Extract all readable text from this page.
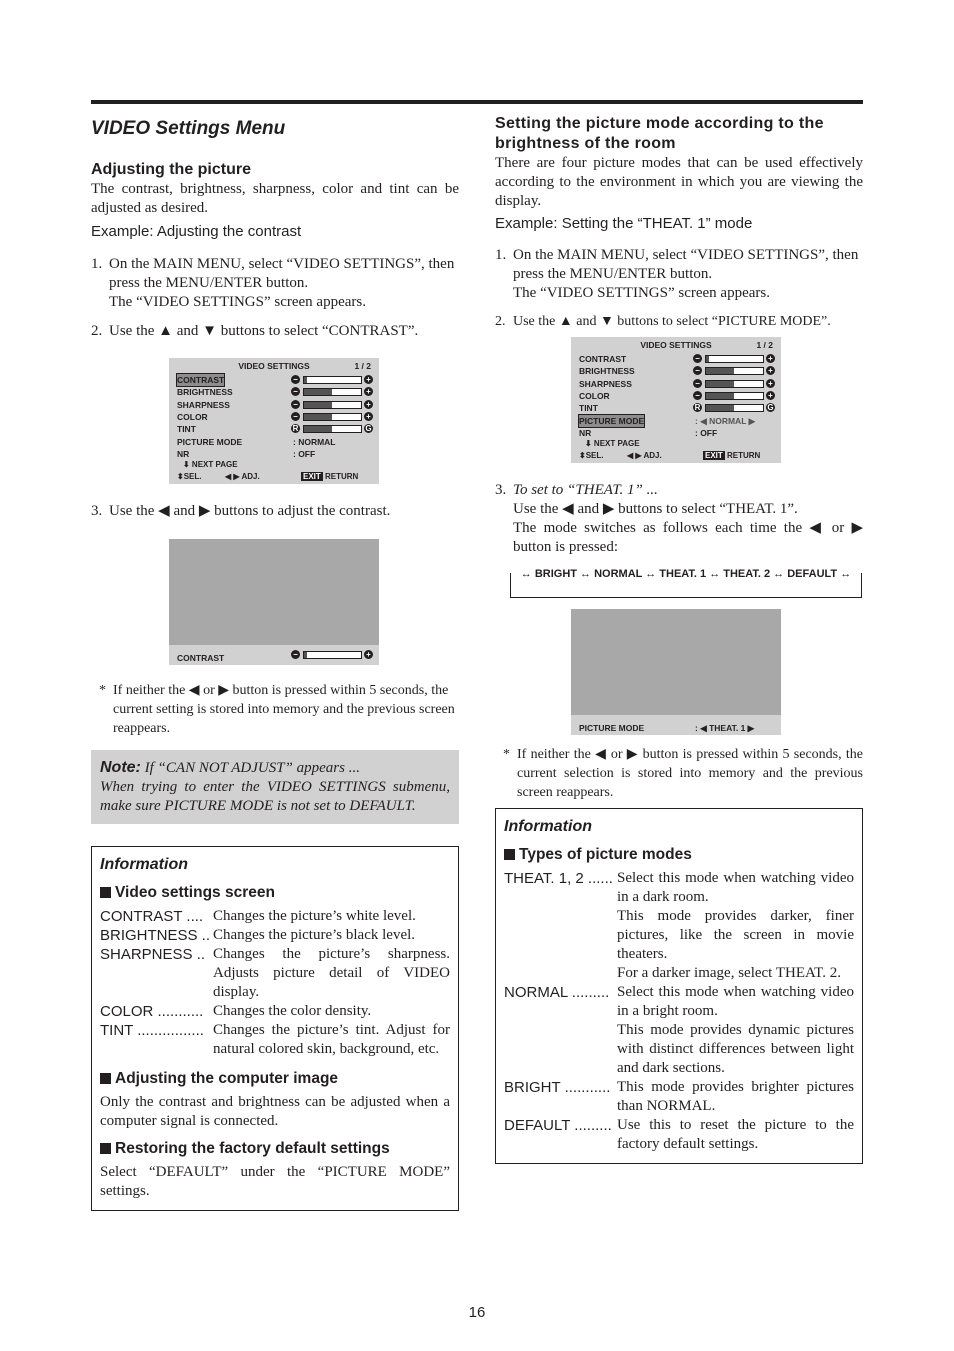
VIDEO Settings Menu
Adjusting the picture

The contrast, brightness, sharpness, color and tint can be adjusted as desired.

Example: Adjusting the contrast

1. On the MAIN MENU, select “VIDEO SETTINGS”, then press the MENU/ENTER button.

The “VIDEO SETTINGS” screen appears.

2. Use the ▲ and ▼ buttons to select “CONTRAST”.

VIDEO SETTINGS	1 / 2
CONTRAST	−	+
BRIGHTNESS	−	+
SHARPNESS	−	+
COLOR	−	+
TINT	R	G
PICTURE MODE	: NORMAL
NR	: OFF
⬇ NEXT PAGE
⬍SEL.	◀ ▶ ADJ.	EXIT RETURN
3. Use the ◀ and ▶ buttons to adjust the contrast.

CONTRAST	−	+
* If neither the ◀ or ▶ button is pressed within 5 seconds, the current setting is stored into memory and the previous screen reappears.

Note: If “CAN NOT ADJUST” appears ...

When trying to enter the VIDEO SETTINGS submenu, make sure PICTURE MODE is not set to DEFAULT.

Information
Video settings screen
CONTRAST .... Changes the picture’s white level.
BRIGHTNESS .. Changes the picture’s black level.
SHARPNESS .. Changes the picture’s sharpness. Adjusts picture detail of VIDEO display.
COLOR ........... Changes the color density.
TINT ................ Changes the picture’s tint. Adjust for natural colored skin, background, etc.
Adjusting the computer image

Only the contrast and brightness can be adjusted when a computer signal is connected.

Restoring the factory default settings

Select “DEFAULT” under the “PICTURE MODE” settings.

Setting the picture mode according to the brightness of the room

There are four picture modes that can be used effectively according to the environment in which you are viewing the display.

Example: Setting the “THEAT. 1” mode

1. On the MAIN MENU, select “VIDEO SETTINGS”, then press the MENU/ENTER button.

The “VIDEO SETTINGS” screen appears.

2. Use the ▲ and ▼ buttons to select “PICTURE MODE”.

VIDEO SETTINGS	1 / 2
CONTRAST	−	+
BRIGHTNESS	−	+
SHARPNESS	−	+
COLOR	−	+
TINT	R	G
PICTURE MODE	: ◀ NORMAL ▶
NR	: OFF
⬇ NEXT PAGE
⬍SEL.	◀ ▶ ADJ.	EXIT RETURN
3. To set to “THEAT. 1” ...

Use the ◀ and ▶ buttons to select “THEAT. 1”.

The mode switches as follows each time the ◀ or ▶ button is pressed:

↔ BRIGHT ↔ NORMAL ↔ THEAT. 1 ↔ THEAT. 2 ↔ DEFAULT ↔
PICTURE MODE	: ◀ THEAT. 1 ▶
* If neither the ◀ or ▶ button is pressed within 5 seconds, the current selection is stored into memory and the previous screen reappears.

Information
Types of picture modes
THEAT. 1, 2 ...... Select this mode when watching video in a dark room.
This mode provides darker, finer pictures, like the screen in movie theaters.
For a darker image, select THEAT. 2.
NORMAL ......... Select this mode when watching video in a bright room.
This mode provides dynamic pictures with distinct differences between light and dark sections.
BRIGHT ........... This mode provides brighter pictures than NORMAL.
DEFAULT ......... Use this to reset the picture to the factory default settings.
16
